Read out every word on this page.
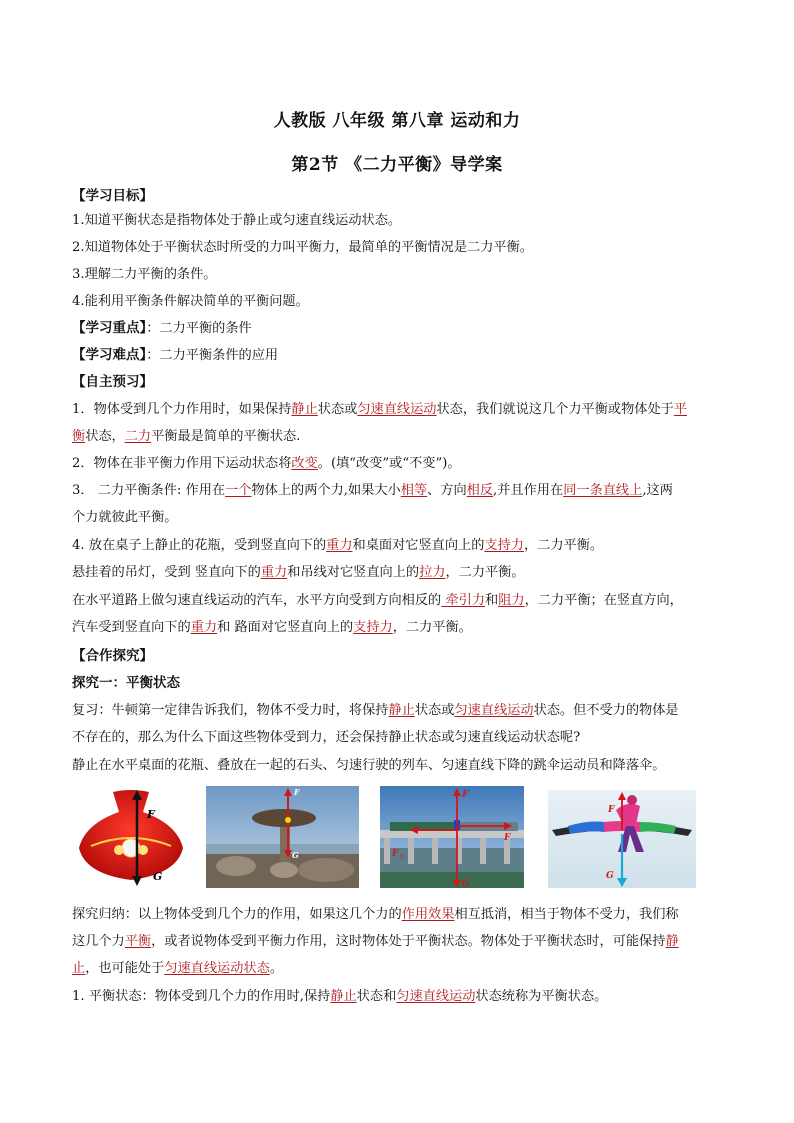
人教版 八年级 第八章 运动和力
第2节 《二力平衡》导学案
【学习目标】
1.知道平衡状态是指物体处于静止或匀速直线运动状态。
2.知道物体处于平衡状态时所受的力叫平衡力，最简单的平衡情况是二力平衡。
3.理解二力平衡的条件。
4.能利用平衡条件解决简单的平衡问题。
【学习重点】：二力平衡的条件
【学习难点】：二力平衡条件的应用
【自主预习】
1．物体受到几个力作用时，如果保持静止状态或匀速直线运动状态，我们就说这几个力平衡或物体处于平
衡状态，二力平衡最是简单的平衡状态.
2．物体在非平衡力作用下运动状态将改变。(填“改变”或“不变”)。
3． 二力平衡条件: 作用在一个物体上的两个力,如果大小相等、方向相反,并且作用在同一条直线上,这两
个力就彼此平衡。
4. 放在桌子上静止的花瓶，受到竖直向下的重力和桌面对它竖直向上的支持力，二力平衡。
悬挂着的吊灯，受到 竖直向下的重力和吊线对它竖直向上的拉力，二力平衡。
在水平道路上做匀速直线运动的汽车，水平方向受到方向相反的 牵引力和阻力，二力平衡；在竖直方向，
汽车受到竖直向下的重力和 路面对它竖直向上的支持力，二力平衡。
【合作探究】
探究一：平衡状态
复习：牛顿第一定律告诉我们，物体不受力时，将保持静止状态或匀速直线运动状态。但不受力的物体是
不存在的，那么为什么下面这些物体受到力，还会保持静止状态或匀速直线运动状态呢?
静止在水平桌面的花瓶、叠放在一起的石头、匀速行驶的列车、匀速直线下降的跳伞运动员和降落伞。
F
G
F
G
F
G
F 牵
F
F
G
探究归纳：以上物体受到几个力的作用，如果这几个力的作用效果相互抵消，相当于物体不受力，我们称
这几个力平衡，或者说物体受到平衡力作用，这时物体处于平衡状态。物体处于平衡状态时，可能保持静
止，也可能处于匀速直线运动状态。
1. 平衡状态：物体受到几个力的作用时,保持静止状态和匀速直线运动状态统称为平衡状态。
